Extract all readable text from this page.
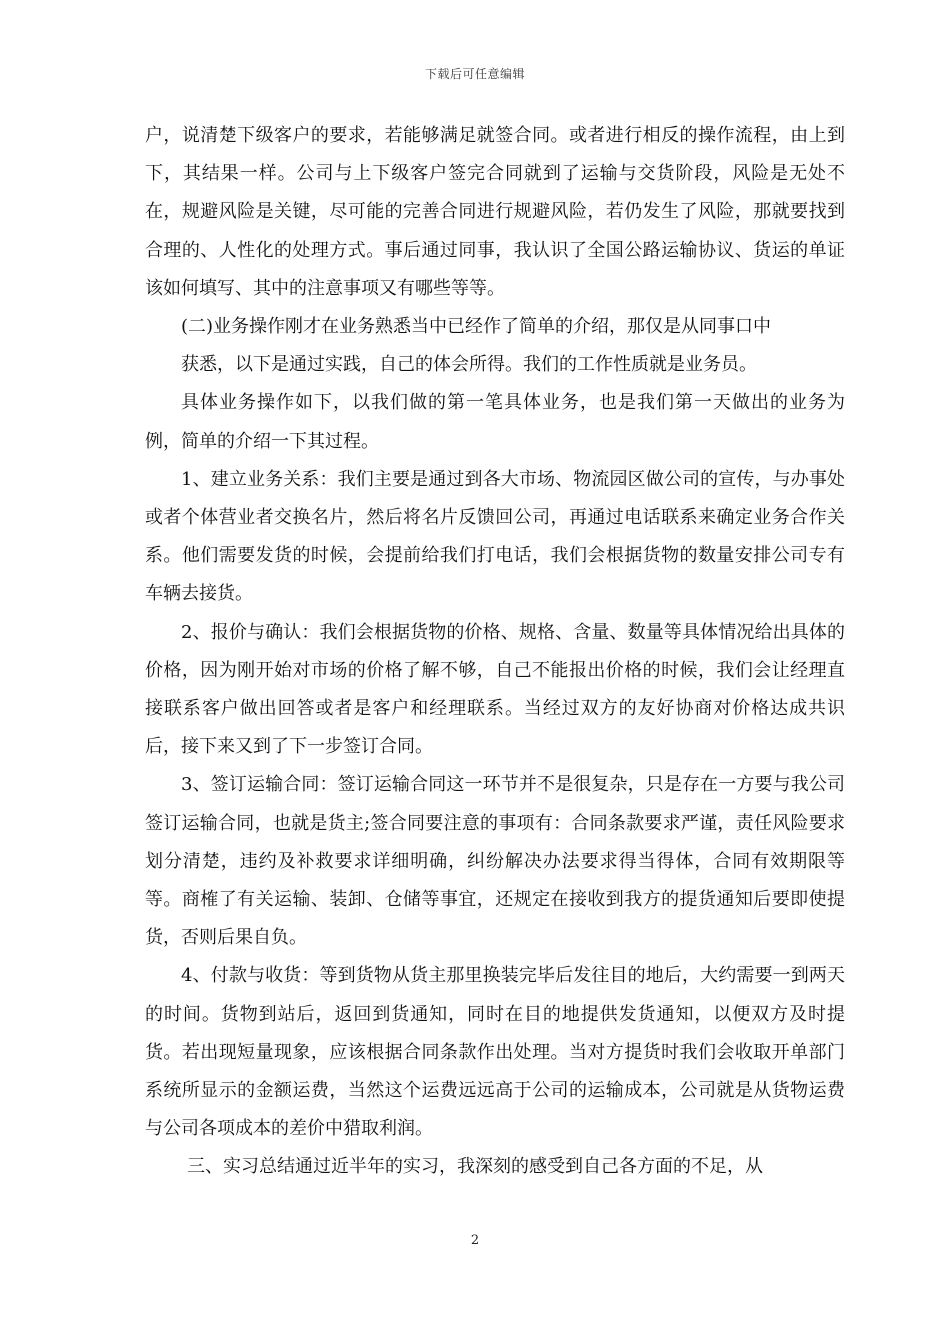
下载后可任意编辑

户，说清楚下级客户的要求，若能够满足就签合同。或者进行相反的操作流程，由上到下，其结果一样。公司与上下级客户签完合同就到了运输与交货阶段，风险是无处不在，规避风险是关键，尽可能的完善合同进行规避风险，若仍发生了风险，那就要找到合理的、人性化的处理方式。事后通过同事，我认识了全国公路运输协议、货运的单证该如何填写、其中的注意事项又有哪些等等。

(二)业务操作刚才在业务熟悉当中已经作了简单的介绍，那仅是从同事口中

获悉，以下是通过实践，自己的体会所得。我们的工作性质就是业务员。

具体业务操作如下，以我们做的第一笔具体业务，也是我们第一天做出的业务为例，简单的介绍一下其过程。

1、建立业务关系：我们主要是通过到各大市场、物流园区做公司的宣传，与办事处或者个体营业者交换名片，然后将名片反馈回公司，再通过电话联系来确定业务合作关系。他们需要发货的时候，会提前给我们打电话，我们会根据货物的数量安排公司专有车辆去接货。

2、报价与确认：我们会根据货物的价格、规格、含量、数量等具体情况给出具体的价格，因为刚开始对市场的价格了解不够，自己不能报出价格的时候，我们会让经理直接联系客户做出回答或者是客户和经理联系。当经过双方的友好协商对价格达成共识后，接下来又到了下一步签订合同。

3、签订运输合同：签订运输合同这一环节并不是很复杂，只是存在一方要与我公司签订运输合同，也就是货主;签合同要注意的事项有：合同条款要求严谨，责任风险要求划分清楚，违约及补救要求详细明确，纠纷解决办法要求得当得体，合同有效期限等等。商榷了有关运输、装卸、仓储等事宜，还规定在接收到我方的提货通知后要即使提货，否则后果自负。

4、付款与收货：等到货物从货主那里换装完毕后发往目的地后，大约需要一到两天的时间。货物到站后，返回到货通知，同时在目的地提供发货通知，以便双方及时提货。若出现短量现象，应该根据合同条款作出处理。当对方提货时我们会收取开单部门系统所显示的金额运费，当然这个运费远远高于公司的运输成本，公司就是从货物运费与公司各项成本的差价中猎取利润。

三、实习总结通过近半年的实习，我深刻的感受到自己各方面的不足，从

2
